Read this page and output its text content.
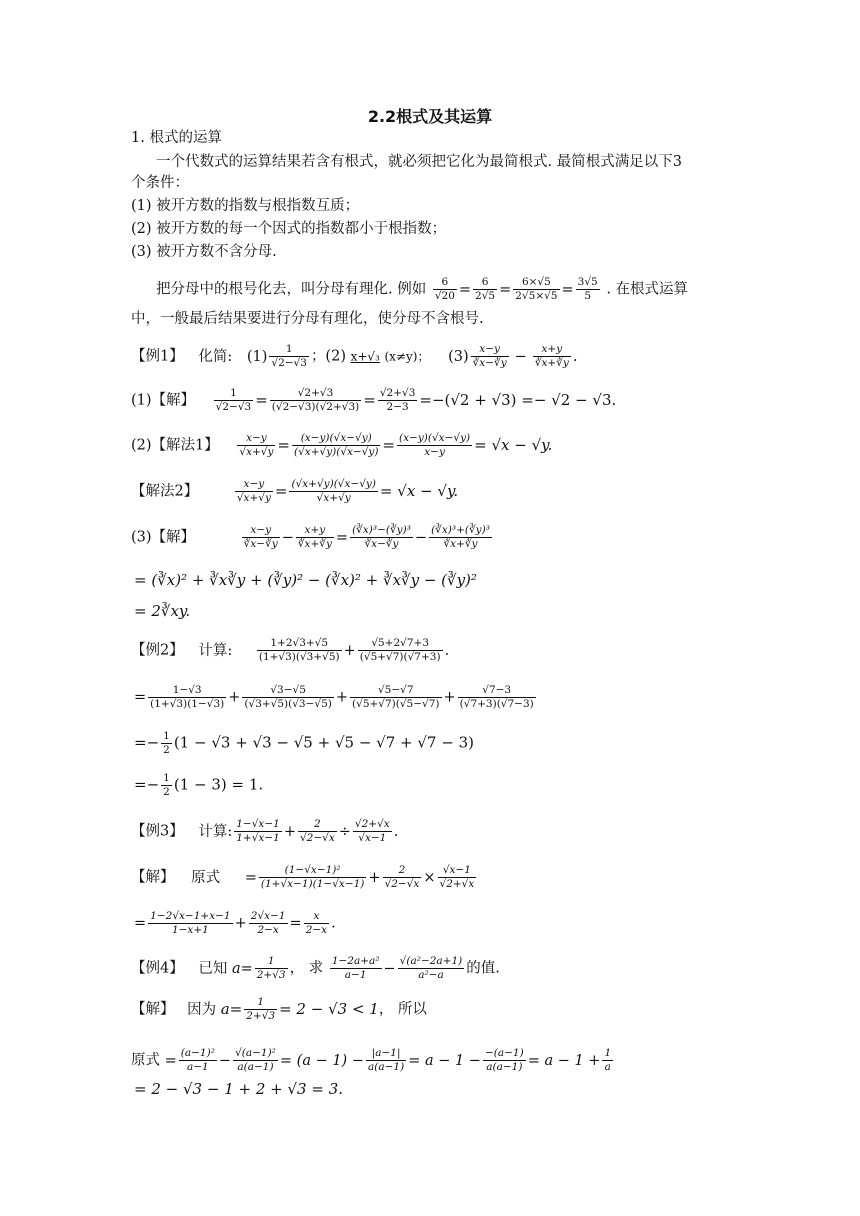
2.2根式及其运算
1. 根式的运算
一个代数式的运算结果若含有根式，就必须把它化为最简根式. 最简根式满足以下3
个条件：
(1) 被开方数的指数与根指数互质；
(2) 被开方数的每一个因式的指数都小于根指数；
(3) 被开方数不含分母.
把分母中的根号化去，叫分母有理化. 例如 $\frac{6}{√20} = \frac{6}{2√5} = \frac{6\times√5}{2√5\times√5} = \frac{3√5}{5}$ . 在根式运算
中，一般最后结果要进行分母有理化，使分母不含根号.
【例1】 化简: $(1) \frac{1}{√2-√3}$ ；(2) x+√₃ (x≠y)； $(3) \frac{x-y}{∛x-∛y} - \frac{x+y}{∛x+∛y}$ .
(1)【解】 $\frac{1}{√2-√3} = \frac{√2+√3}{(√2-√3)(√2+√3)} = \frac{√2+√3}{2-3} =-(√2 + √3) =- √2 - √3$.
(2)【解法1】 $\frac{x-y}{√x+√y} = \frac{(x-y)(√x-√y)}{(√x+√y)(√x-√y)} = \frac{(x-y)(√x-√y)}{x-y} = √x - √y$.
【解法2】	$\frac{x-y}{√x+√y} = \frac{(√x+√y)(√x-√y)}{√x+√y} = √x - √y$.
(3)【解】	$\frac{x-y}{∛x-∛y} - \frac{x+y}{∛x+∛y} = \frac{\text{(∛x)³−(∛y)³}}{∛x-∛y} - \frac{\text{(∛x)³+(∛y)³}}{∛x+∛y}$
= (∛x)² + ∛x∛y + (∛y)² − (∛x)² + ∛x∛y − (∛y)²
= 2∛xy.
【例2】 计算: $\frac{1+2√3+√5}{(1+√3)(√3+√5)} + \frac{√5+2√7+3}{(√5+√7)(√7+3)}$ .
= $\frac{1-√3}{(1+√3)(1-√3)} + \frac{√3-√5}{(√3+√5)(√3-√5)} + \frac{√5-√7}{(√5+√7)(√5-√7)} + \frac{√7-3}{(√7+3)(√7-3)}$
=− $\frac{1}{2} (1 - √3 + √3 - √5 + √5 - √7 + √7 - 3)$
=− $\frac{1}{2} (1 - 3) = 1$.
【例3】 计算: $\frac{1-√x-1}{1+√x-1} + \frac{2}{√2-√x} \div \frac{√2+√x}{√x-1}$ .
【解】 原式 = $\frac{\text{(1−√x−1)²}}{(1+√x-1)(1-√x-1)} + \frac{2}{√2-√x} \times \frac{√x-1}{√2+√x}$
= $\frac{1-2√x-1+x-1}{1-x+1} + \frac{2√x-1}{2-x} = \frac{x}{2-x}$ .
【例4】 已知 $a= \frac{1}{2+√3}$ ， 求 $\frac{\text{1−2a+a²}}{a-1} - \frac{\text{√(a²−2a+1)}}{\text{a²−a}}$ 的值.
【解】 因为 $a= \frac{1}{2+√3} = 2 - √3 < 1$， 所以
原式 = $\frac{\text{(a−1)²}}{a-1} - \frac{\text{√(a−1)²}}{a(a-1)} = (a - 1) - \frac{|a-1|}{a(a-1)} = a - 1 - \frac{-(a-1)}{a(a-1)} = a - 1 + \frac{1}{a}$
= 2 − √3 − 1 + 2 + √3 = 3.
